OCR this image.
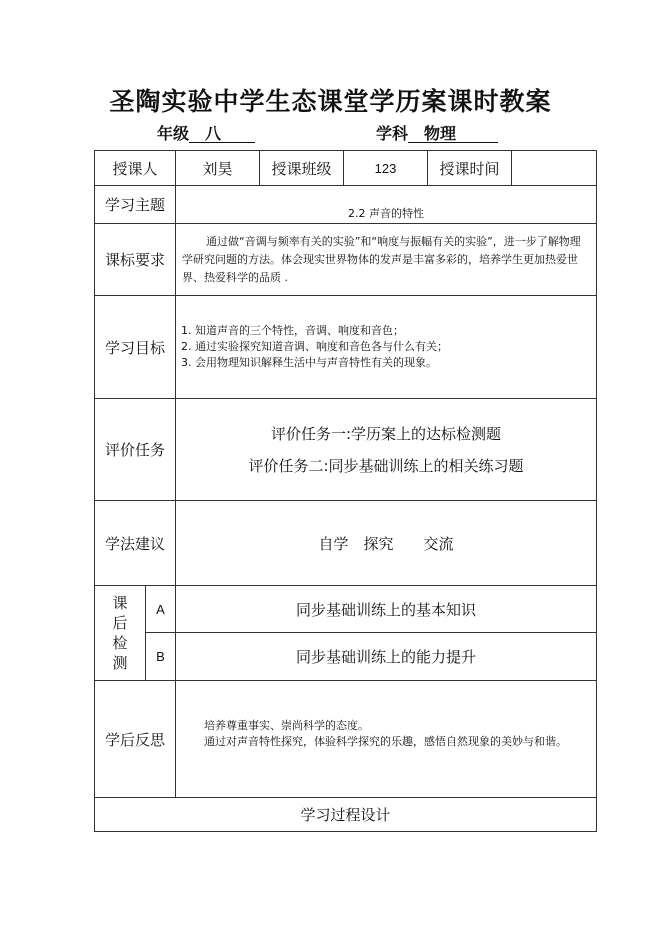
圣陶实验中学生态课堂学历案课时教案
年级 八	学科 物理
授课人		刘昊	授课班级	123	授课时间	
学习主题		2.2 声音的特性				

课标要求		通过做“音调与频率有关的实验”和“响度与振幅有关的实验”，进一步了解物理学研究问题的方法。体会现实世界物体的发声是丰富多彩的，培养学生更加热爱世界、热爱科学的品质 .				
学习目标		1. 知道声音的三个特性，音调、响度和音色；
2. 通过实验探究知道音调、响度和音色各与什么有关；
3. 会用物理知识解释生活中与声音特性有关的现象。				

评价任务		评价任务一:学历案上的达标检测题
评价任务二:同步基础训练上的相关练习题				

学法建议		自学　探究　　交流				

课
后
检
测	A	同步基础训练上的基本知识				
	B	同步基础训练上的能力提升				
学后反思		培养尊重事实、崇尚科学的态度。
通过对声音特性探究，体验科学探究的乐趣，感悟自然现象的美妙与和谐。				

学习过程设计						
